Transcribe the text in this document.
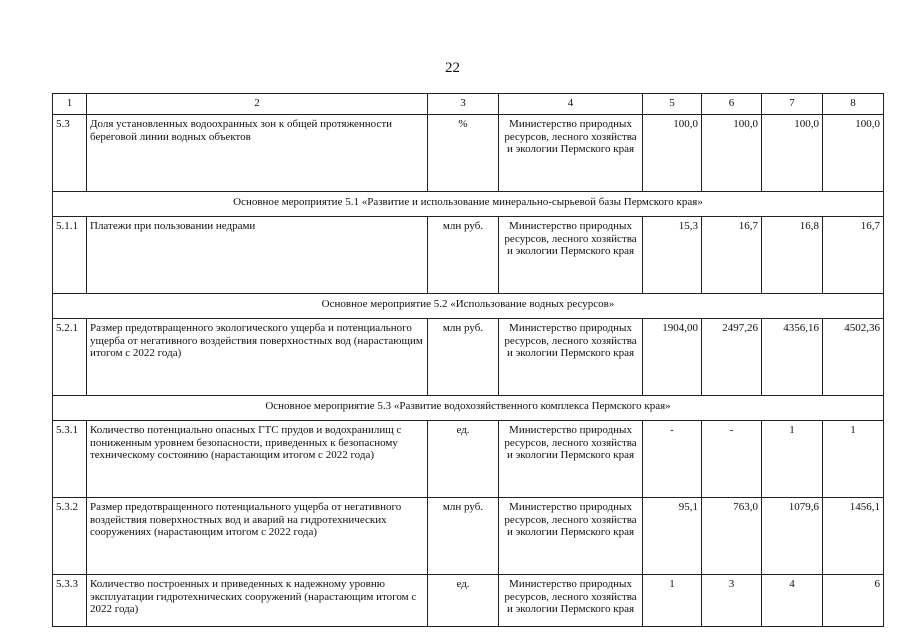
22
1	2	3	4	5	6	7	8
5.3	Доля установленных водоохранных зон к общей протяженности береговой линии водных объектов	%	Министерство природных ресурсов, лесного хозяйства и экологии Пермского края	100,0	100,0	100,0	100,0
Основное мероприятие 5.1 «Развитие и использование минерально-сырьевой базы Пермского края»							
5.1.1	Платежи при пользовании недрами	млн руб.	Министерство природных ресурсов, лесного хозяйства и экологии Пермского края	15,3	16,7	16,8	16,7
Основное мероприятие 5.2 «Использование водных ресурсов»							
5.2.1	Размер предотвращенного экологического ущерба и потенциального ущерба от негативного воздействия поверхностных вод (нарастающим итогом с 2022 года)	млн руб.	Министерство природных ресурсов, лесного хозяйства и экологии Пермского края	1904,00	2497,26	4356,16	4502,36
Основное мероприятие 5.3 «Развитие водохозяйственного комплекса Пермского края»							
5.3.1	Количество потенциально опасных ГТС прудов и водохранилищ с пониженным уровнем безопасности, приведенных к безопасному техническому состоянию (нарастающим итогом с 2022 года)	ед.	Министерство природных ресурсов, лесного хозяйства и экологии Пермского края	-	-	1	1
5.3.2	Размер предотвращенного потенциального ущерба от негативного воздействия поверхностных вод и аварий на гидротехнических сооружениях (нарастающим итогом с 2022 года)	млн руб.	Министерство природных ресурсов, лесного хозяйства и экологии Пермского края	95,1	763,0	1079,6	1456,1
5.3.3	Количество построенных и приведенных к надежному уровню эксплуатации гидротехнических сооружений (нарастающим итогом с 2022 года)	ед.	Министерство природных ресурсов, лесного хозяйства и экологии Пермского края	1	3	4	6
